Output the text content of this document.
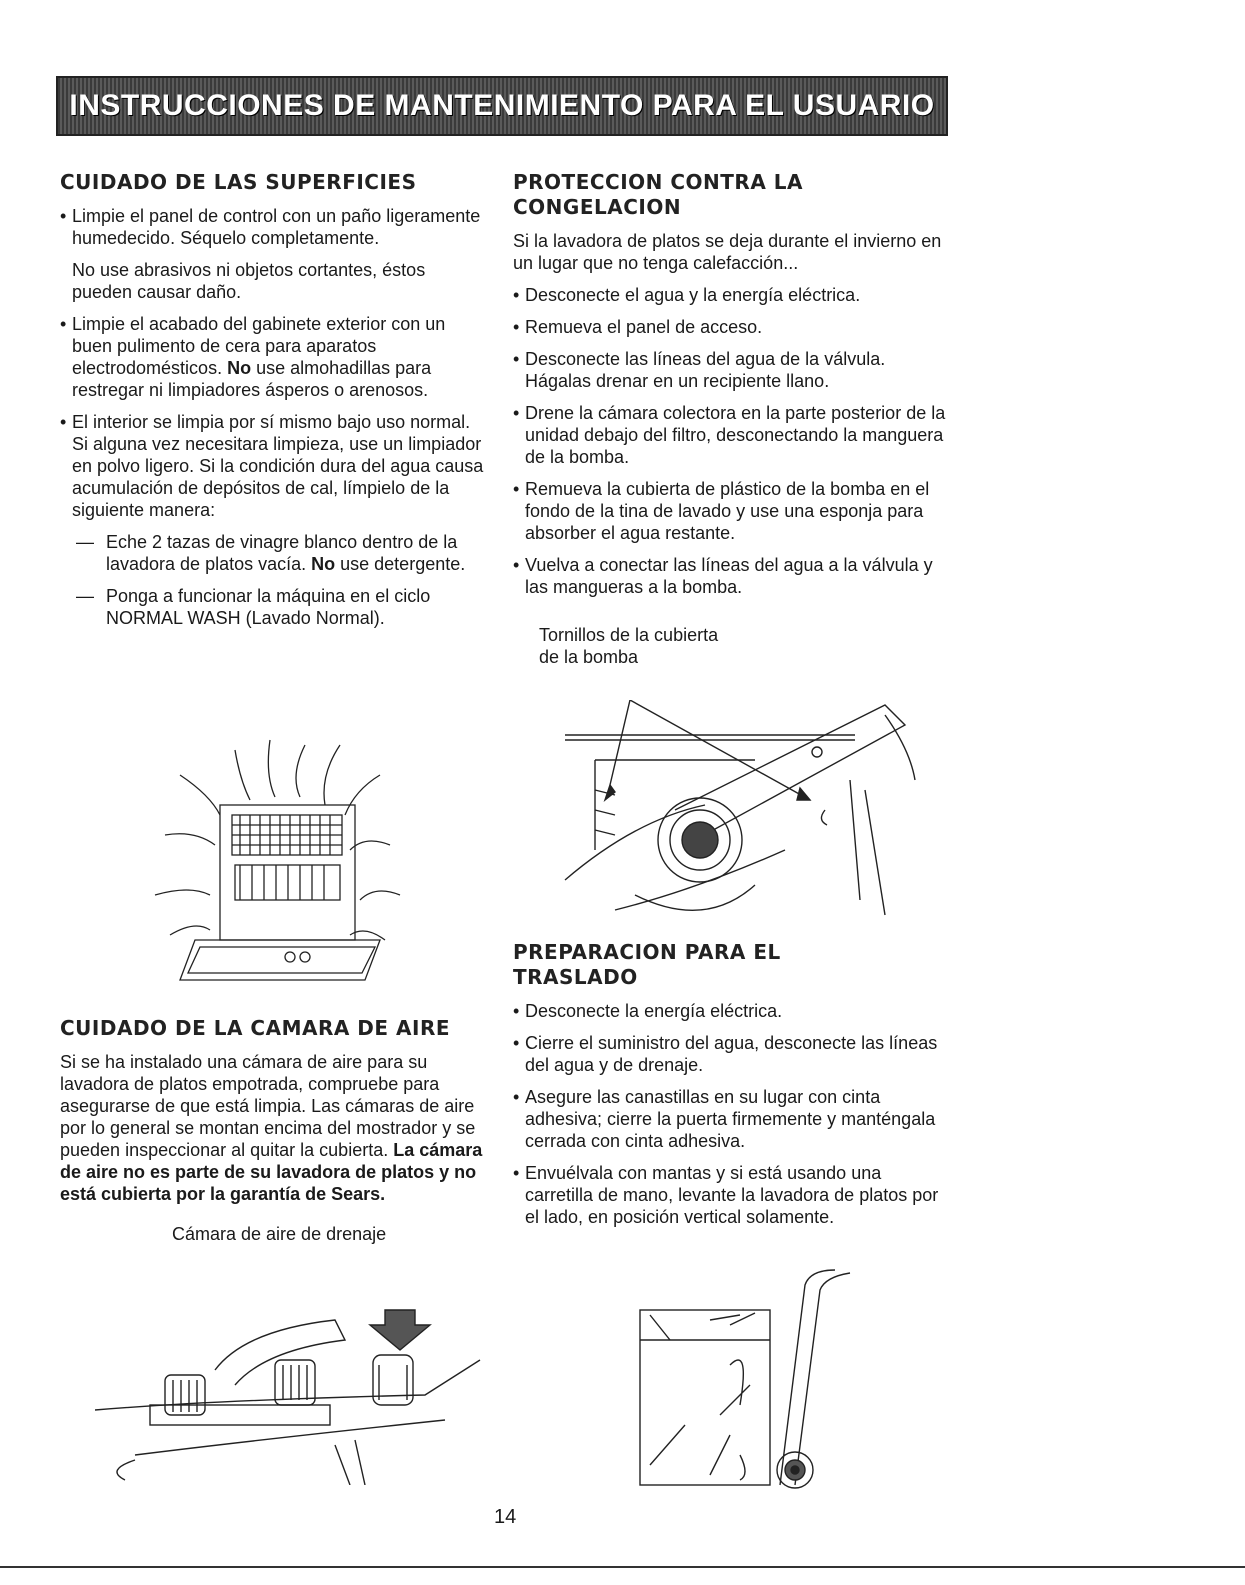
INSTRUCCIONES DE MANTENIMIENTO PARA EL USUARIO
CUIDADO DE LAS SUPERFICIES

• Limpie el panel de control con un paño ligeramente humedecido. Séquelo completamente.

No use abrasivos ni objetos cortantes, éstos pueden causar daño.

• Limpie el acabado del gabinete exterior con un buen pulimento de cera para aparatos electrodomésticos. No use almohadillas para restregar ni limpiadores ásperos o arenosos.

• El interior se limpia por sí mismo bajo uso normal. Si alguna vez necesitara limpieza, use un limpiador en polvo ligero. Si la condición dura del agua causa acumulación de depósitos de cal, límpielo de la siguiente manera:

— Eche 2 tazas de vinagre blanco dentro de la lavadora de platos vacía. No use detergente.

— Ponga a funcionar la máquina en el ciclo NORMAL WASH (Lavado Normal).

CUIDADO DE LA CAMARA DE AIRE

Si se ha instalado una cámara de aire para su lavadora de platos empotrada, compruebe para asegurarse de que está limpia. Las cámaras de aire por lo general se montan encima del mostrador y se pueden inspeccionar al quitar la cubierta. La cámara de aire no es parte de su lavadora de platos y no está cubierta por la garantía de Sears.

Cámara de aire de drenaje

PROTECCION CONTRA LA CONGELACION

Si la lavadora de platos se deja durante el invierno en un lugar que no tenga calefacción...

• Desconecte el agua y la energía eléctrica.

• Remueva el panel de acceso.

• Desconecte las líneas del agua de la válvula. Hágalas drenar en un recipiente llano.

• Drene la cámara colectora en la parte posterior de la unidad debajo del filtro, desconectando la manguera de la bomba.

• Remueva la cubierta de plástico de la bomba en el fondo de la tina de lavado y use una esponja para absorber el agua restante.

• Vuelva a conectar las líneas del agua a la válvula y las mangueras a la bomba.

Tornillos de la cubierta

de la bomba

PREPARACION PARA EL TRASLADO

• Desconecte la energía eléctrica.

• Cierre el suministro del agua, desconecte las líneas del agua y de drenaje.

• Asegure las canastillas en su lugar con cinta adhesiva; cierre la puerta firmemente y manténgala cerrada con cinta adhesiva.

• Envuélvala con mantas y si está usando una carretilla de mano, levante la lavadora de platos por el lado, en posición vertical solamente.

14
